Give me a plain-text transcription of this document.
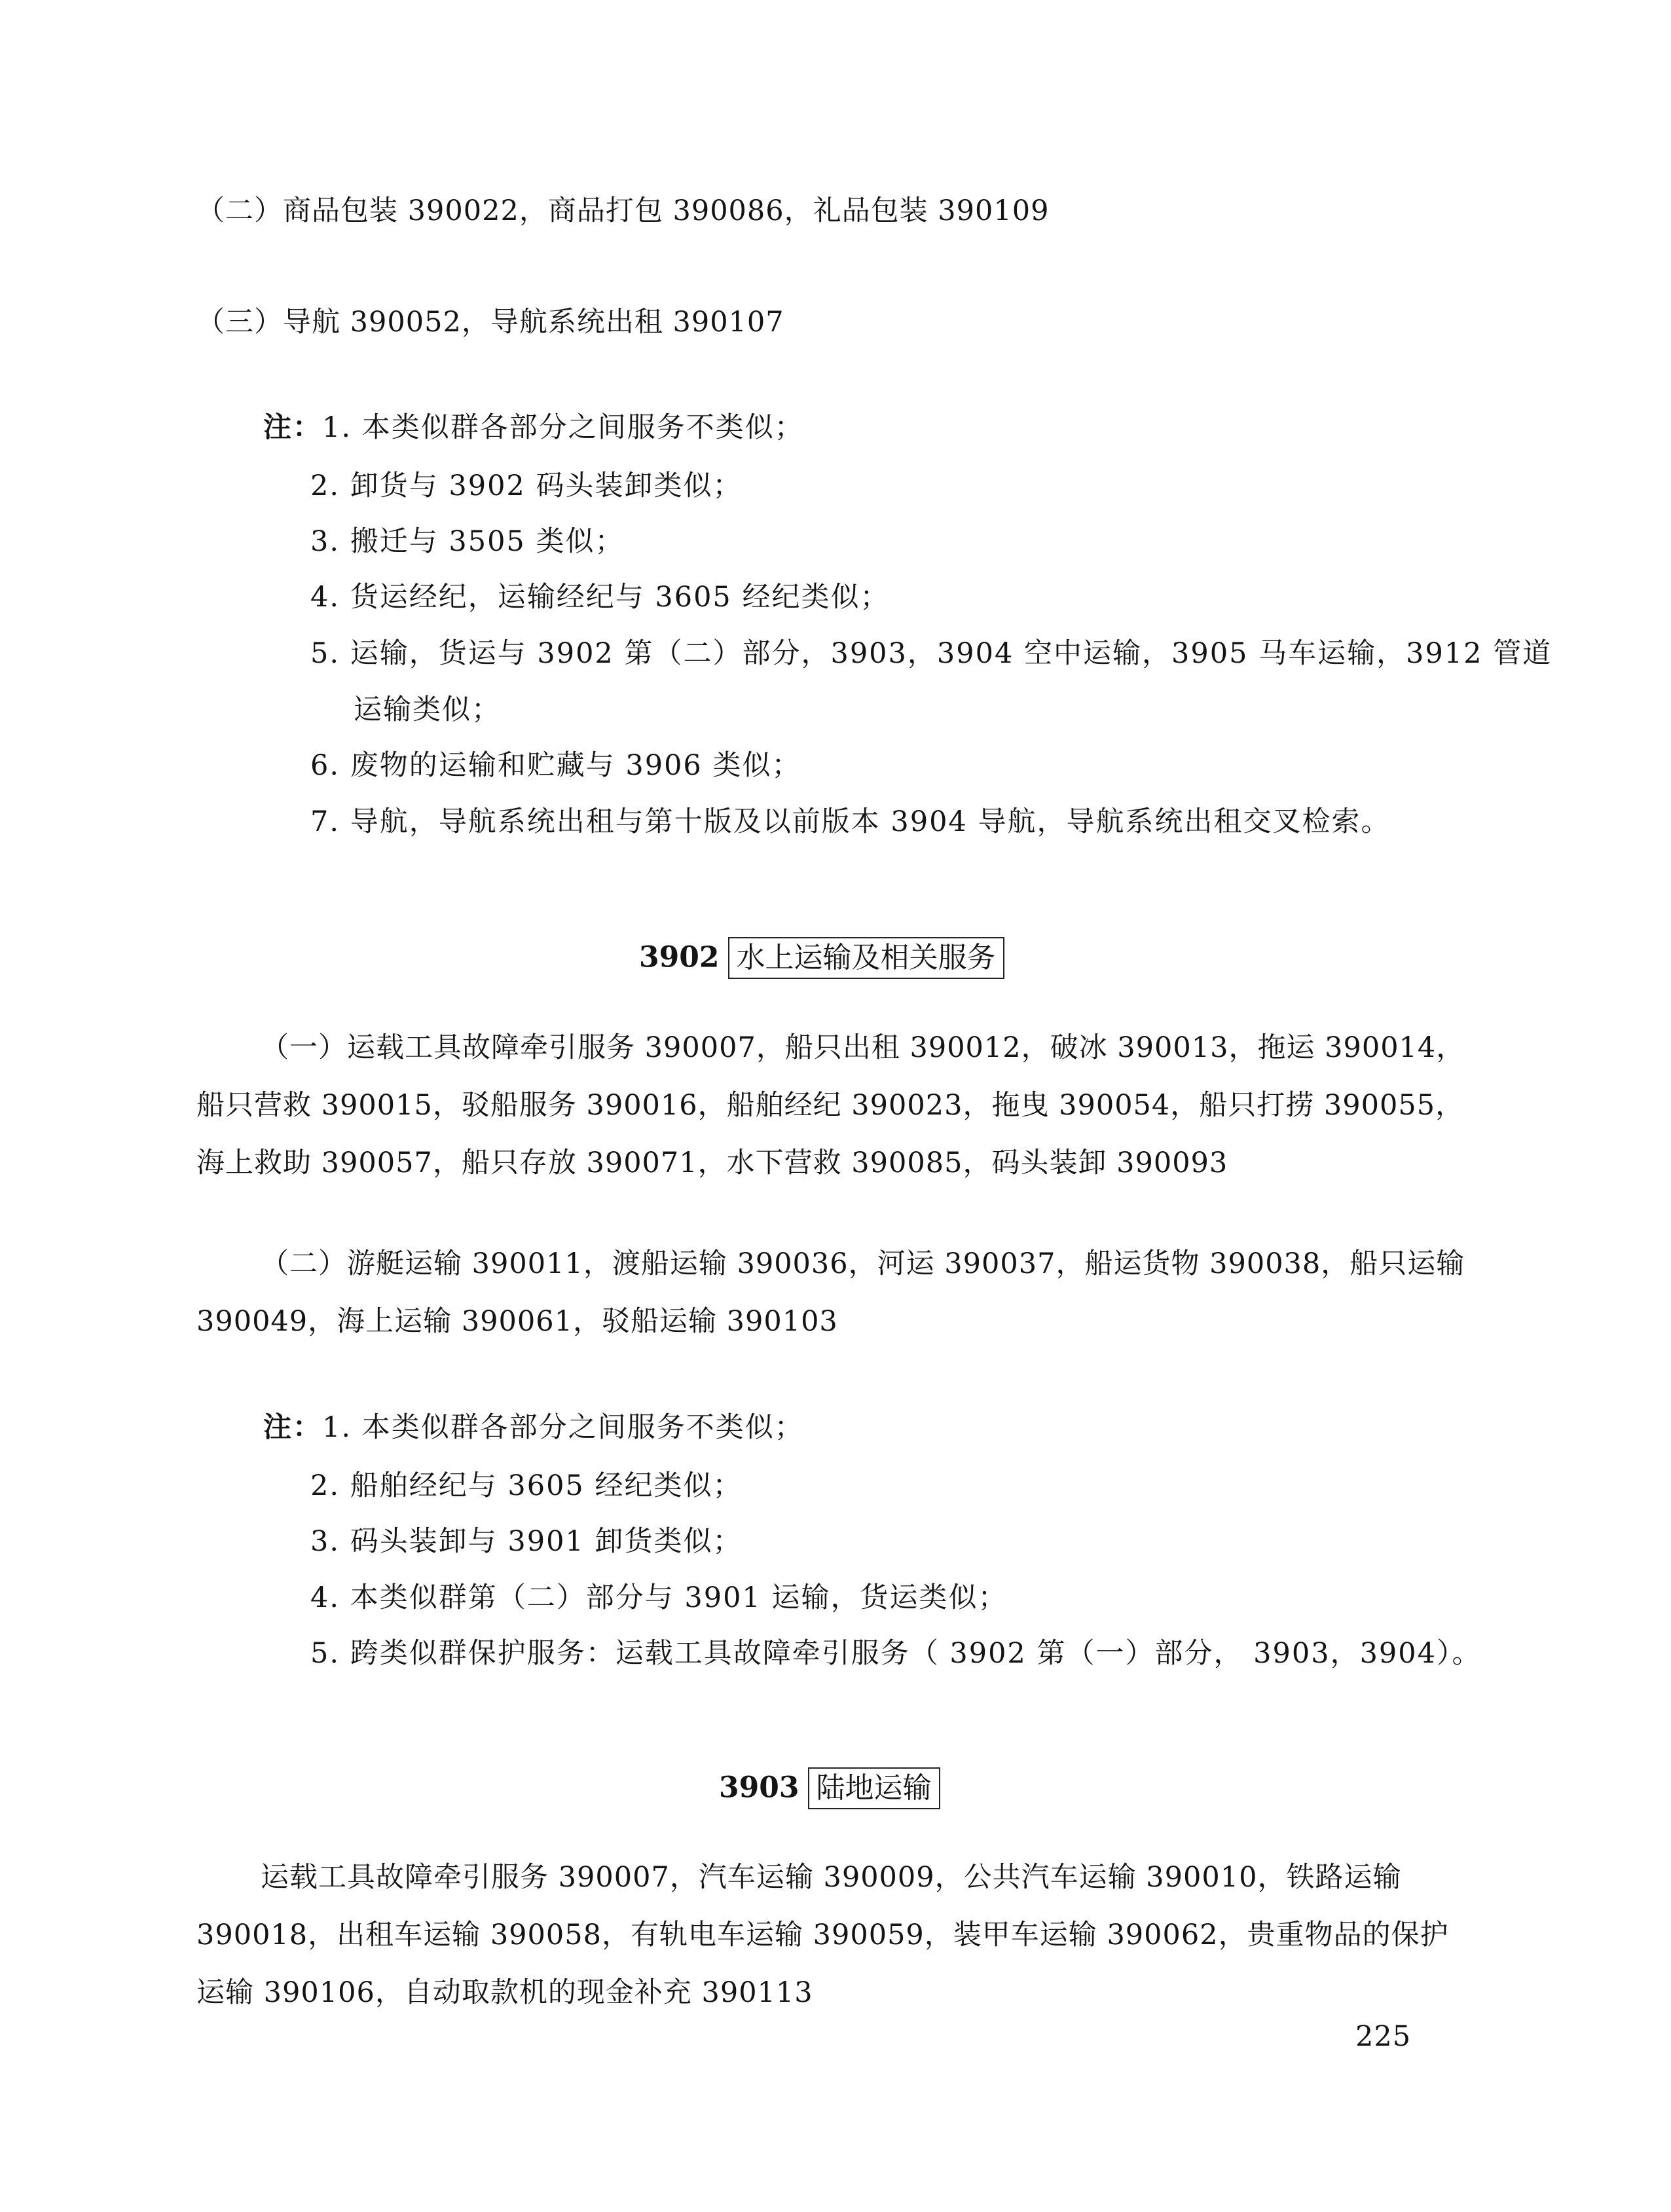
（二）商品包装 390022，商品打包 390086，礼品包装 390109

（三）导航 390052，导航系统出租 390107

注：1. 本类似群各部分之间服务不类似；
2. 卸货与 3902 码头装卸类似；
3. 搬迁与 3505 类似；
4. 货运经纪，运输经纪与 3605 经纪类似；
5. 运输，货运与 3902 第（二）部分，3903，3904 空中运输，3905 马车运输，3912 管道
运输类似；
6. 废物的运输和贮藏与 3906 类似；
7. 导航，导航系统出租与第十版及以前版本 3904 导航，导航系统出租交叉检索。
3902 水上运输及相关服务

（一）运载工具故障牵引服务 390007，船只出租 390012，破冰 390013，拖运 390014，船只营救 390015，驳船服务 390016，船舶经纪 390023，拖曳 390054，船只打捞 390055，海上救助 390057，船只存放 390071，水下营救 390085，码头装卸 390093

（二）游艇运输 390011，渡船运输 390036，河运 390037，船运货物 390038，船只运输 390049，海上运输 390061，驳船运输 390103

注：1. 本类似群各部分之间服务不类似；
2. 船舶经纪与 3605 经纪类似；
3. 码头装卸与 3901 卸货类似；
4. 本类似群第（二）部分与 3901 运输，货运类似；
5. 跨类似群保护服务：运载工具故障牵引服务（ 3902 第（一）部分， 3903，3904）。
3903 陆地运输

运载工具故障牵引服务 390007，汽车运输 390009，公共汽车运输 390010，铁路运输 390018，出租车运输 390058，有轨电车运输 390059，装甲车运输 390062，贵重物品的保护运输 390106，自动取款机的现金补充 390113

225
